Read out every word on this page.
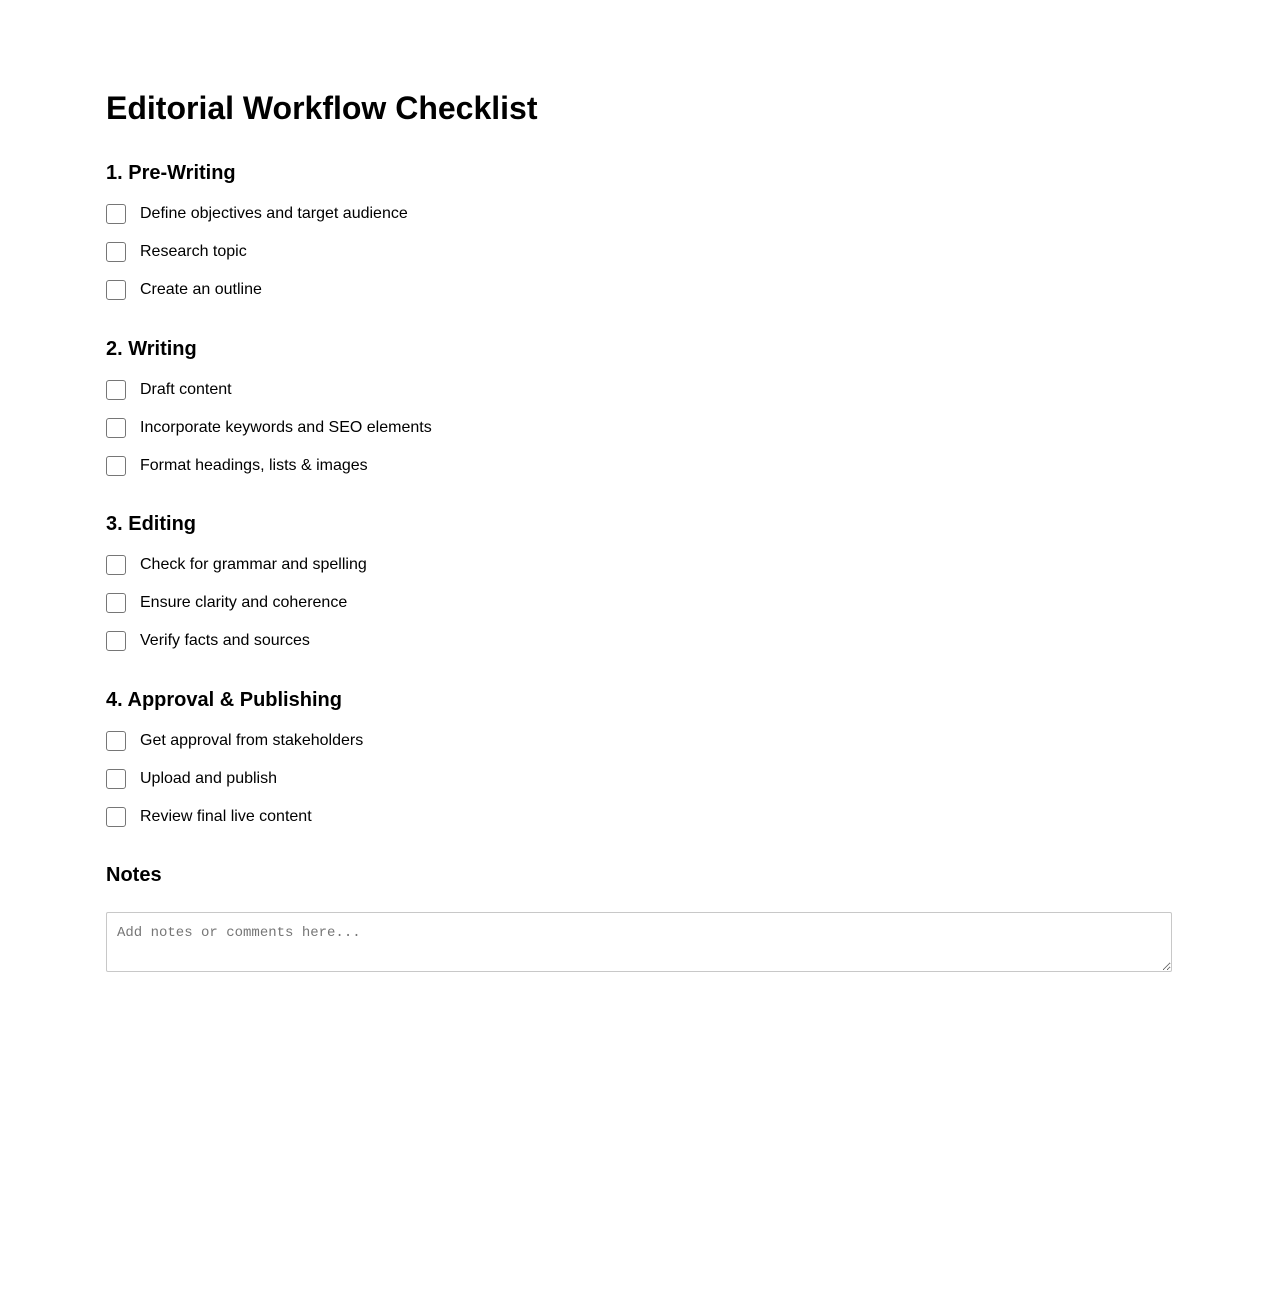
Editorial Workflow Checklist
1. Pre-Writing
Define objectives and target audience
Research topic
Create an outline
2. Writing
Draft content
Incorporate keywords and SEO elements
Format headings, lists & images
3. Editing
Check for grammar and spelling
Ensure clarity and coherence
Verify facts and sources
4. Approval & Publishing
Get approval from stakeholders
Upload and publish
Review final live content
Notes
Add notes or comments here...
